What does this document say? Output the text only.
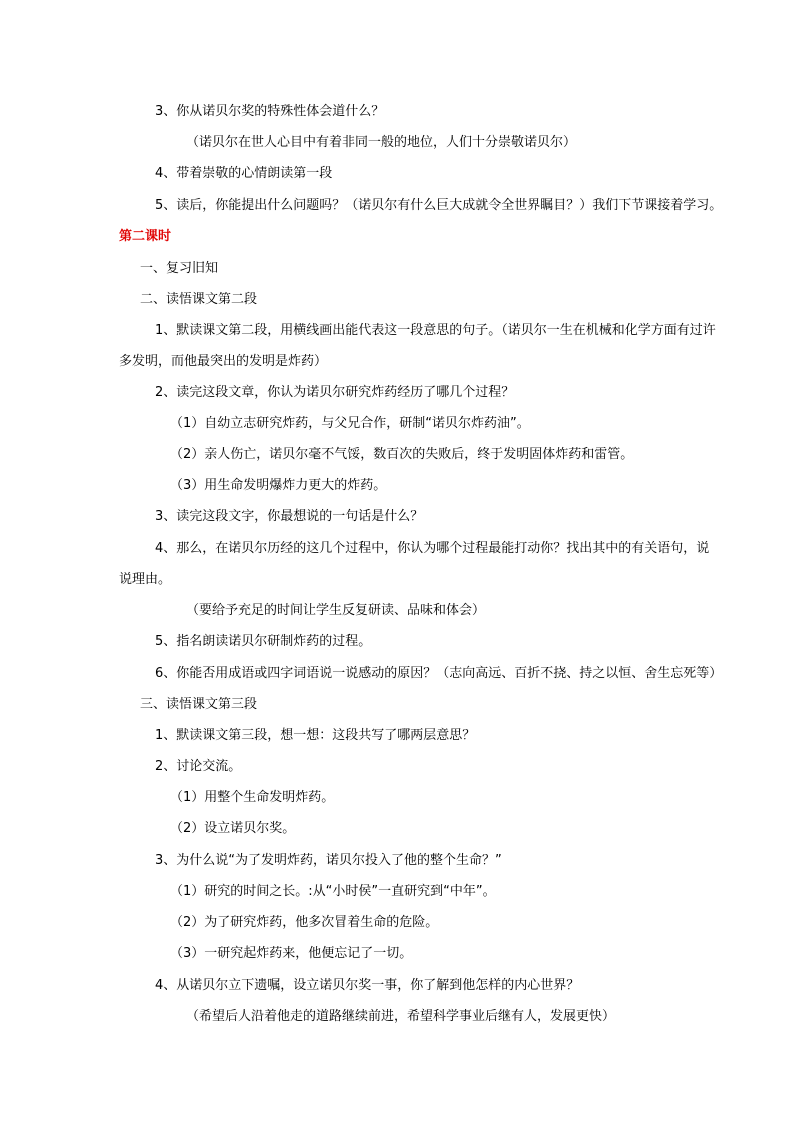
3、你从诺贝尔奖的特殊性体会道什么？
（诺贝尔在世人心目中有着非同一般的地位，人们十分崇敬诺贝尔）
4、带着崇敬的心情朗读第一段
5、读后，你能提出什么问题吗？（诺贝尔有什么巨大成就令全世界瞩目？）我们下节课接着学习。
第二课时
一、复习旧知
二、读悟课文第二段
1、默读课文第二段，用横线画出能代表这一段意思的句子。（诺贝尔一生在机械和化学方面有过许
多发明，而他最突出的发明是炸药）
2、读完这段文章，你认为诺贝尔研究炸药经历了哪几个过程？
（1）自幼立志研究炸药，与父兄合作，研制“诺贝尔炸药油”。
（2）亲人伤亡，诺贝尔毫不气馁，数百次的失败后，终于发明固体炸药和雷管。
（3）用生命发明爆炸力更大的炸药。
3、读完这段文字，你最想说的一句话是什么？
4、那么，在诺贝尔历经的这几个过程中，你认为哪个过程最能打动你？找出其中的有关语句，说
说理由。
（要给予充足的时间让学生反复研读、品味和体会）
5、指名朗读诺贝尔研制炸药的过程。
6、你能否用成语或四字词语说一说感动的原因？（志向高远、百折不挠、持之以恒、舍生忘死等）
三、读悟课文第三段
1、默读课文第三段，想一想：这段共写了哪两层意思？
2、讨论交流。
（1）用整个生命发明炸药。
（2）设立诺贝尔奖。
3、为什么说“为了发明炸药，诺贝尔投入了他的整个生命？”
（1）研究的时间之长。:从“小时侯”一直研究到“中年”。
（2）为了研究炸药，他多次冒着生命的危险。
（3）一研究起炸药来，他便忘记了一切。
4、从诺贝尔立下遗嘱，设立诺贝尔奖一事，你了解到他怎样的内心世界？
（希望后人沿着他走的道路继续前进，希望科学事业后继有人，发展更快）
